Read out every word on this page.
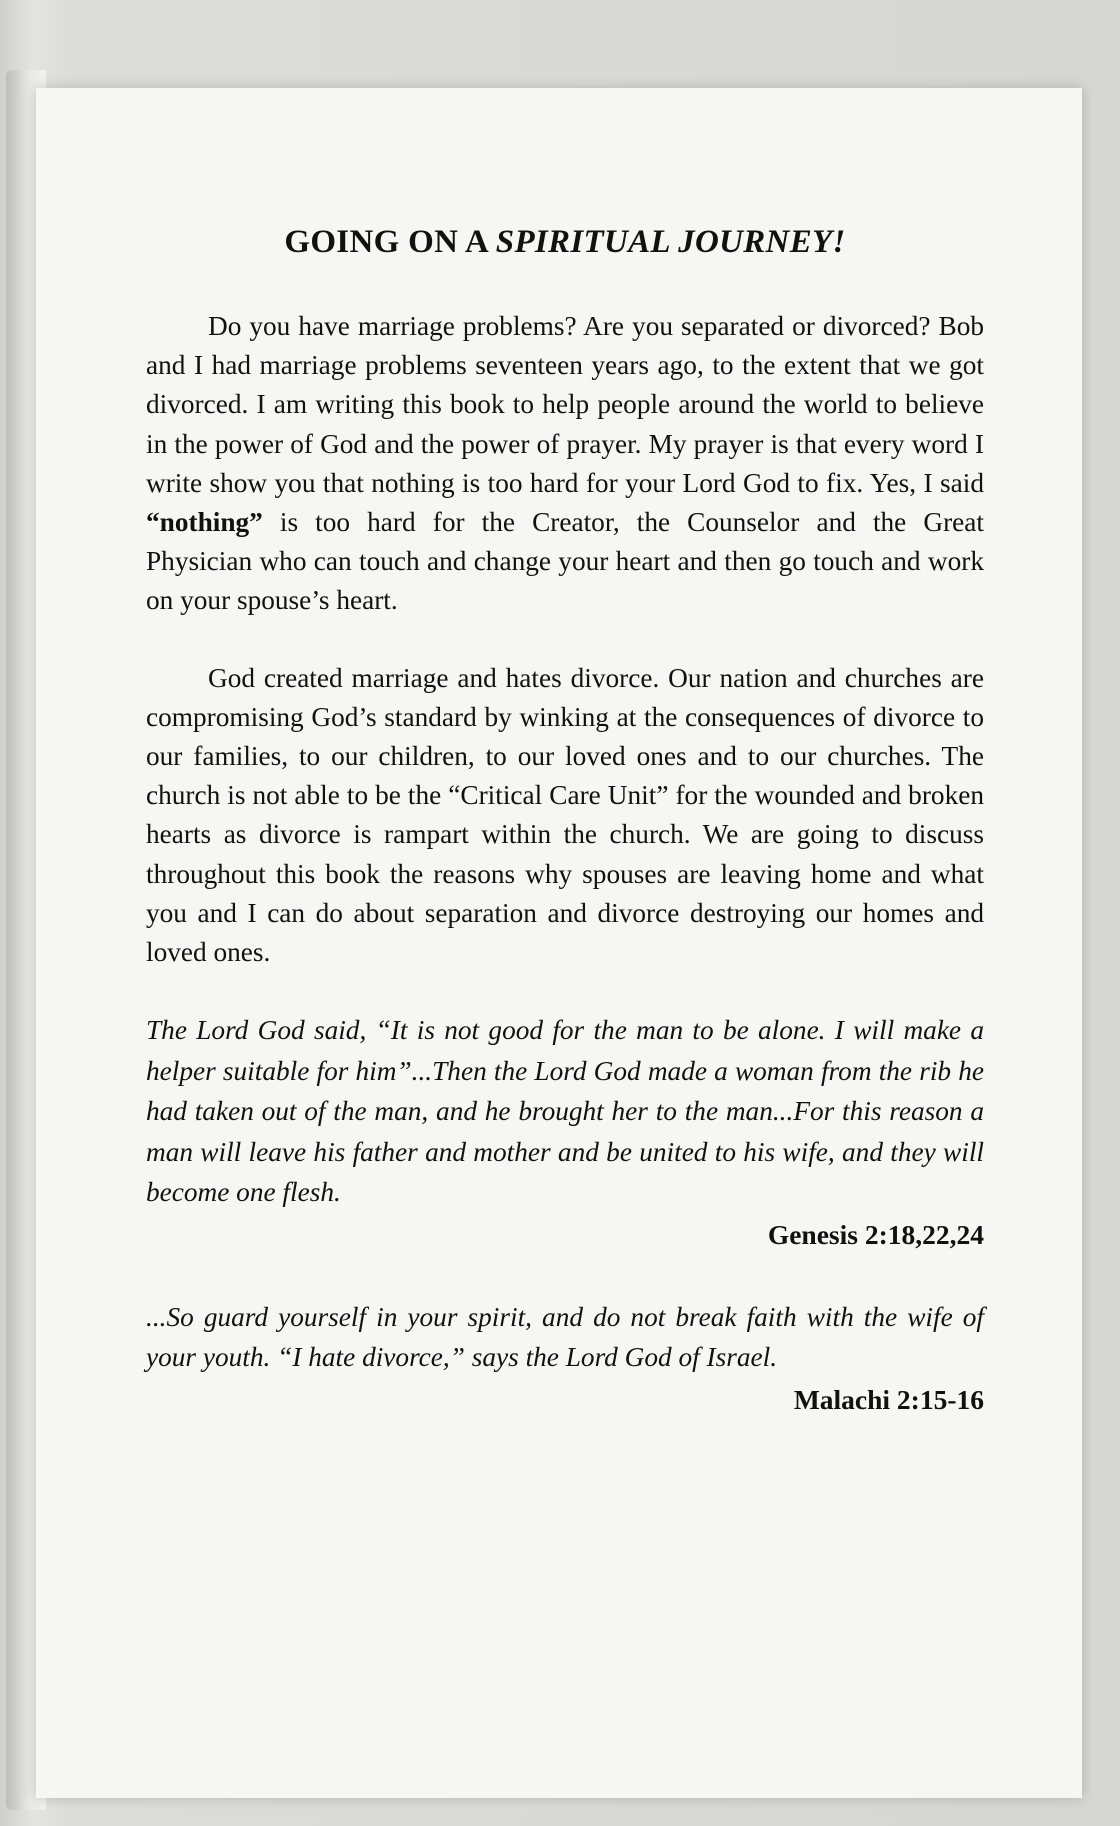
GOING ON A SPIRITUAL JOURNEY!

Do you have marriage problems? Are you separated or divorced? Bob and I had marriage problems seventeen years ago, to the extent that we got divorced. I am writing this book to help people around the world to believe in the power of God and the power of prayer. My prayer is that every word I write show you that nothing is too hard for your Lord God to fix. Yes, I said “nothing” is too hard for the Creator, the Counselor and the Great Physician who can touch and change your heart and then go touch and work on your spouse’s heart.

God created marriage and hates divorce. Our nation and churches are compromising God’s standard by winking at the consequences of divorce to our families, to our children, to our loved ones and to our churches. The church is not able to be the “Critical Care Unit” for the wounded and broken hearts as divorce is rampart within the church. We are going to discuss throughout this book the reasons why spouses are leaving home and what you and I can do about separation and divorce destroying our homes and loved ones.

The Lord God said, “It is not good for the man to be alone. I will make a helper suitable for him”...Then the Lord God made a woman from the rib he had taken out of the man, and he brought her to the man...For this reason a man will leave his father and mother and be united to his wife, and they will become one flesh.

Genesis 2:18,22,24

...So guard yourself in your spirit, and do not break faith with the wife of your youth. “I hate divorce,” says the Lord God of Israel.

Malachi 2:15-16
